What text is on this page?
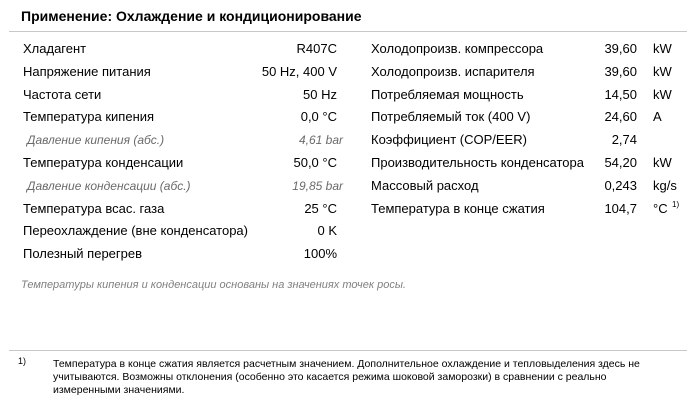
Применение: Охлаждение и кондиционирование
Хладагент	R407C
Напряжение питания	50 Hz, 400 V
Частота сети	50 Hz
Температура кипения	0,0 °C
Давление кипения (абс.)	4,61 bar
Температура конденсации	50,0 °C
Давление конденсации (абс.)	19,85 bar
Температура всас. газа	25 °C
Переохлаждение (вне конденсатора)	0 K
Полезный перегрев	100%
Холодопроизв. компрессора	39,60 kW
Холодопроизв. испарителя	39,60 kW
Потребляемая мощность	14,50 kW
Потребляемый ток (400 V)	24,60 A
Коэффициент (COP/EER)	2,74
Производительность конденсатора 54,20 kW
Массовый расход	0,243 kg/s
Температура в конце сжатия	104,7 °C 1)
Температуры кипения и конденсации основаны на значениях точек росы.
1)	Температура в конце сжатия является расчетным значением. Дополнительное охлаждение и тепловыделения здесь не учитываются. Возможны отклонения (особенно это касается режима шоковой заморозки) в сравнении с реально измеренными значениями.
